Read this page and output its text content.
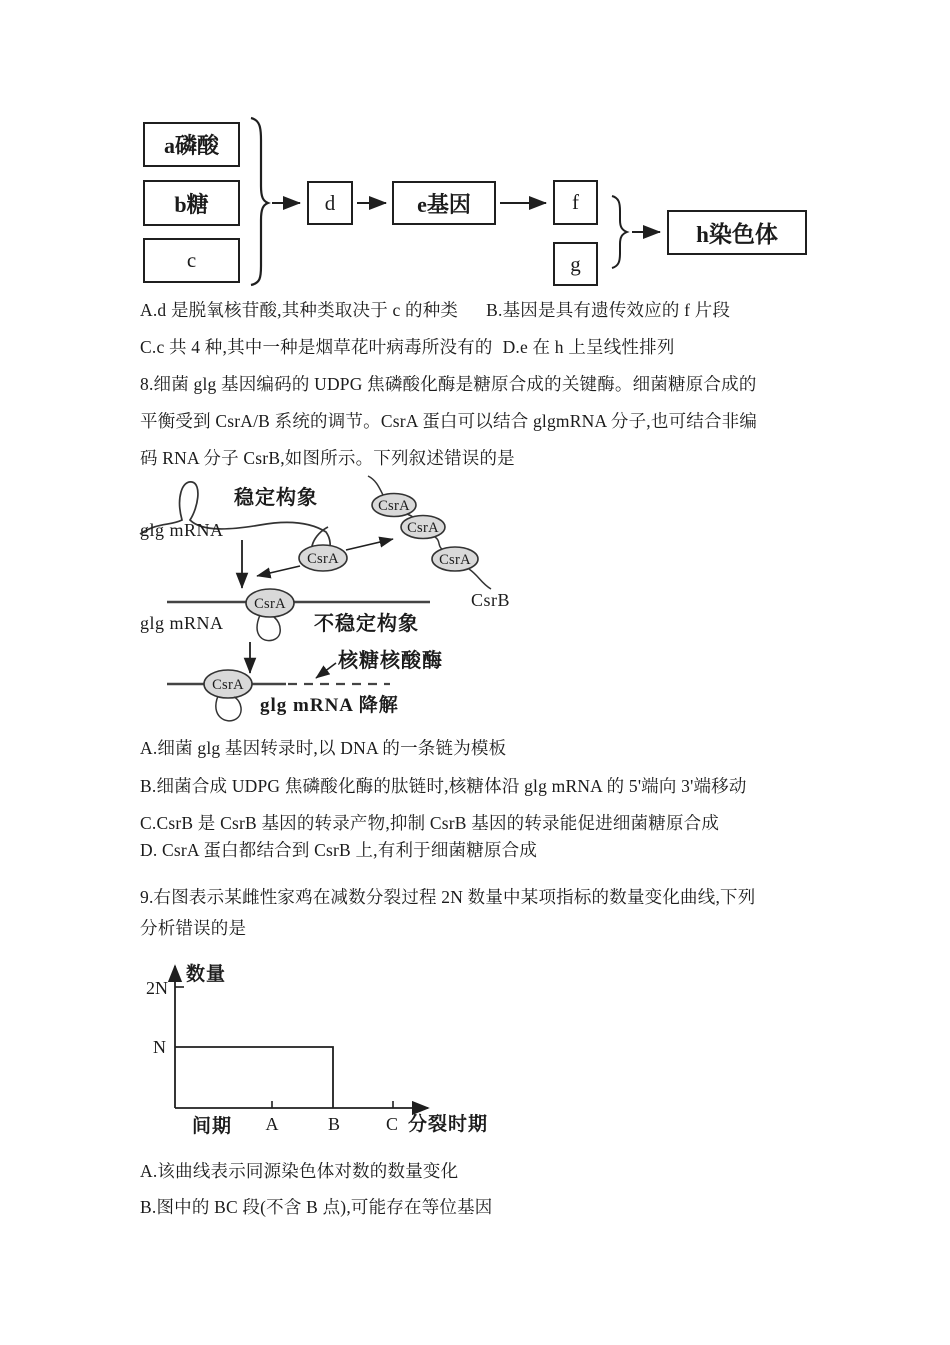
a磷酸
b糖
c
d	e基因	f
g
h染色体
A.d 是脱氧核苷酸,其种类取决于 c 的种类 B.基因是具有遗传效应的 f 片段
C.c 共 4 种,其中一种是烟草花叶病毒所没有的 D.e 在 h 上呈线性排列
8.细菌 glg 基因编码的 UDPG 焦磷酸化酶是糖原合成的关键酶。细菌糖原合成的
平衡受到 CsrA/B 系统的调节。CsrA 蛋白可以结合 glgmRNA 分子,也可结合非编
码 RNA 分子 CsrB,如图所示。下列叙述错误的是
稳定构象
glg mRNA
CsrA
CsrA
CsrA
CsrA
CsrB
CsrA
glg mRNA	不稳定构象
CsrA
核糖核酸酶
glg mRNA 降解
A.细菌 glg 基因转录时,以 DNA 的一条链为模板
B.细菌合成 UDPG 焦磷酸化酶的肽链时,核糖体沿 glg mRNA 的 5'端向 3'端移动
C.CsrB 是 CsrB 基因的转录产物,抑制 CsrB 基因的转录能促进细菌糖原合成
D. CsrA 蛋白都结合到 CsrB 上,有利于细菌糖原合成
9.右图表示某雌性家鸡在减数分裂过程 2N 数量中某项指标的数量变化曲线,下列
分析错误的是
2N
N
数量
分裂时期
间期 A	B	C
A.该曲线表示同源染色体对数的数量变化
B.图中的 BC 段(不含 B 点),可能存在等位基因
